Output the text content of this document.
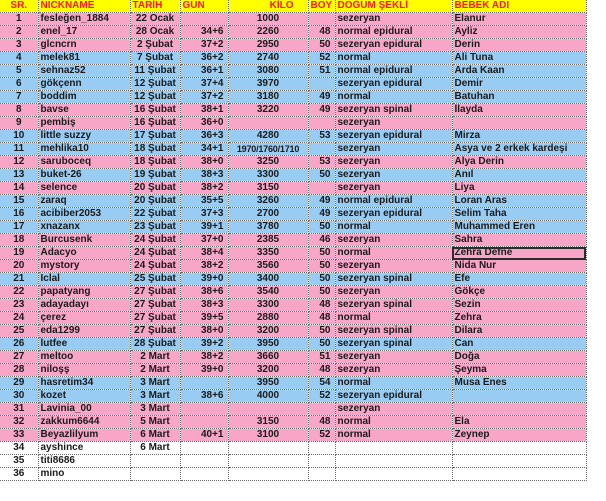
SR.	NICKNAME	TARİH	GÜN	KİLO	BOY	DOĞUM ŞEKLİ	BEBEK ADI
1	fesleğen_1884	22 Ocak		1000		sezeryan	Elanur
2	enel_17	28 Ocak	34+6	2260	48	normal epidural	Ayliz
3	glcncrn	2 Şubat	37+2	2950	50	sezeryan epidural	Derin
4	melek81	7 Şubat	36+2	2740	52	normal	Ali Tuna
5	sehnaz52	11 Şubat	36+1	3080	51	normal epidural	Arda Kaan
6	gökçenn	12 Şubat	37+4	3970		sezeryan epidural	Demir
7	boddim	12 Şubat	37+2	3180	49	normal	Batuhan
8	bavse	16 Şubat	38+1	3220	49	sezeryan spinal	İlayda
9	pembiş	16 Şubat	36+0			sezeryan	
10	little suzzy	17 Şubat	36+3	4280	53	sezeryan epidural	Mirza
11	mehlika10	18 Şubat	34+1	1970/1760/1710		sezeryan	Asya ve 2 erkek kardeşi
12	saruboceq	18 Şubat	38+0	3250	53	sezeryan	Alya Derin
13	buket-26	19 Şubat	38+3	3300	50	sezeryan	Anıl
14	selence	20 Şubat	38+2	3150		sezeryan	Liya
15	zaraq	20 Şubat	35+5	3260	49	normal epidural	Loran Aras
16	acibiber2053	22 Şubat	37+3	2700	49	sezeryan epidural	Selim Taha
17	xnazanx	23 Şubat	39+1	3780	50	normal	Muhammed Eren
18	Burcusenk	24 Şubat	37+0	2385	46	sezeryan	Sahra
19	Adacyo	24 Şubat	38+4	3350	50	normal	Zehra Defne
20	mystory	24 Şubat	38+2	3560	50	sezeryan	Nida Nur
21	Iclal	25 Şubat	39+0	3400	50	sezeryan spinal	Efe
22	papatyang	27 Şubat	38+6	3540	50	sezeryan	Gökçe
23	adayadayı	27 Şubat	38+3	3300	48	sezeryan spinal	Sezin
24	çerez	27 Şubat	39+5	2880	48	normal	Zehra
25	eda1299	27 Şubat	38+0	3200	50	sezeryan spinal	Dilara
26	lutfee	28 Şubat	39+2	3950	50	sezeryan spinal	Can
27	meltoo	2 Mart	38+2	3660	51	sezeryan	Doğa
28	niloşş	2 Mart	39+0	3200	48	sezeryan	Şeyma
29	hasretim34	3 Mart		3950	54	normal	Musa Enes
30	kozet	3 Mart	38+6	4000	52	sezeryan epidural	
31	Lavinia_00	3 Mart				sezeryan	
32	zakkum6644	5 Mart		3150	48	normal	Ela
33	Beyazlilyum	6 Mart	40+1	3100	52	normal	Zeynep
34	ayshince	6 Mart					
35	titi8686						
36	mino						
